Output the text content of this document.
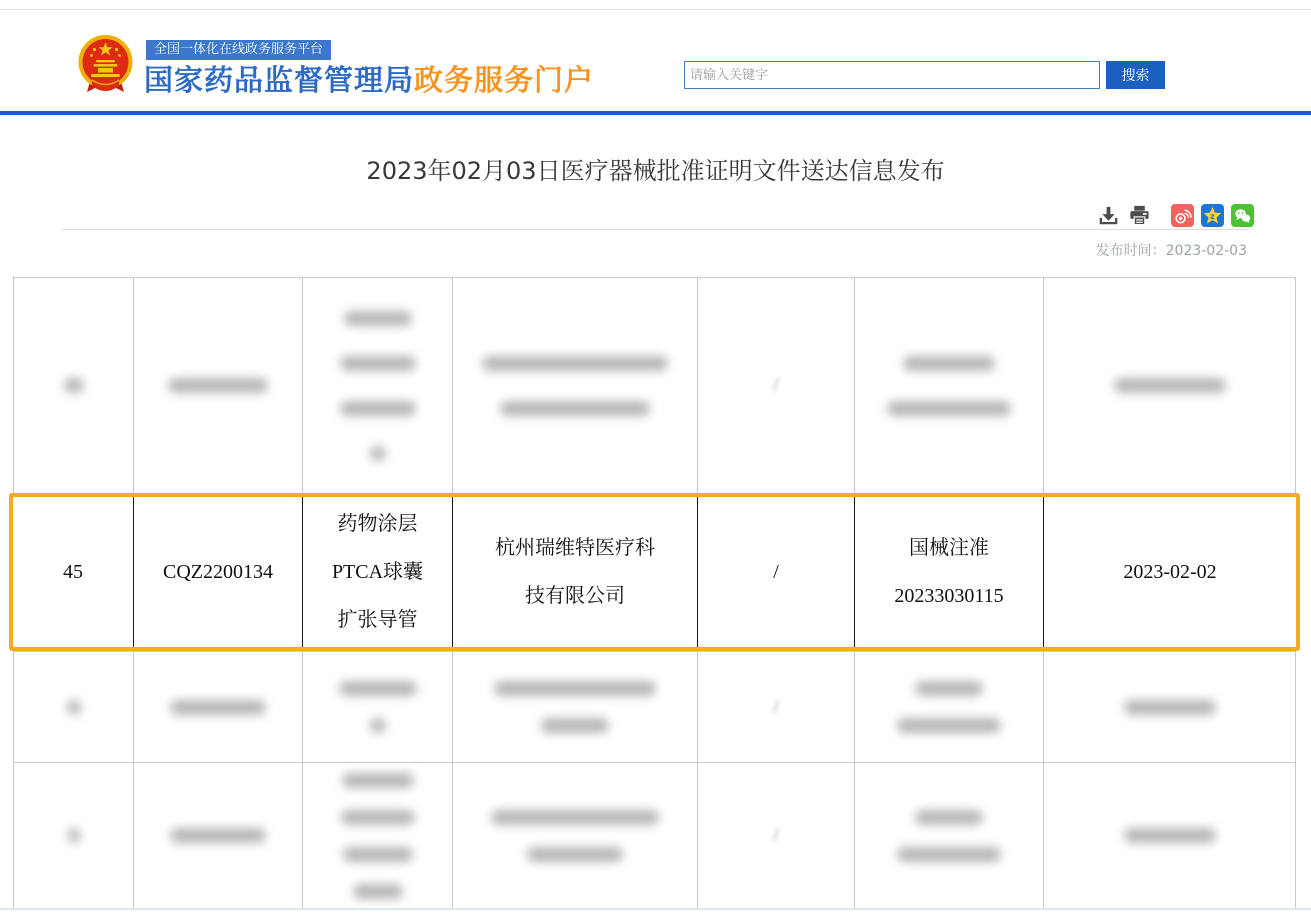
全国一体化在线政务服务平台
国家药品监督管理局政务服务门户
请输入关键字	搜索
2023年02月03日医疗器械批准证明文件送达信息发布
z
发布时间：2023-02-03
/
45	CQZ2200134
药物涂层
PTCA球囊
扩张导管
杭州瑞维特医疗科
技有限公司
/
国械注准
20233030115
2023-02-02
/
/
